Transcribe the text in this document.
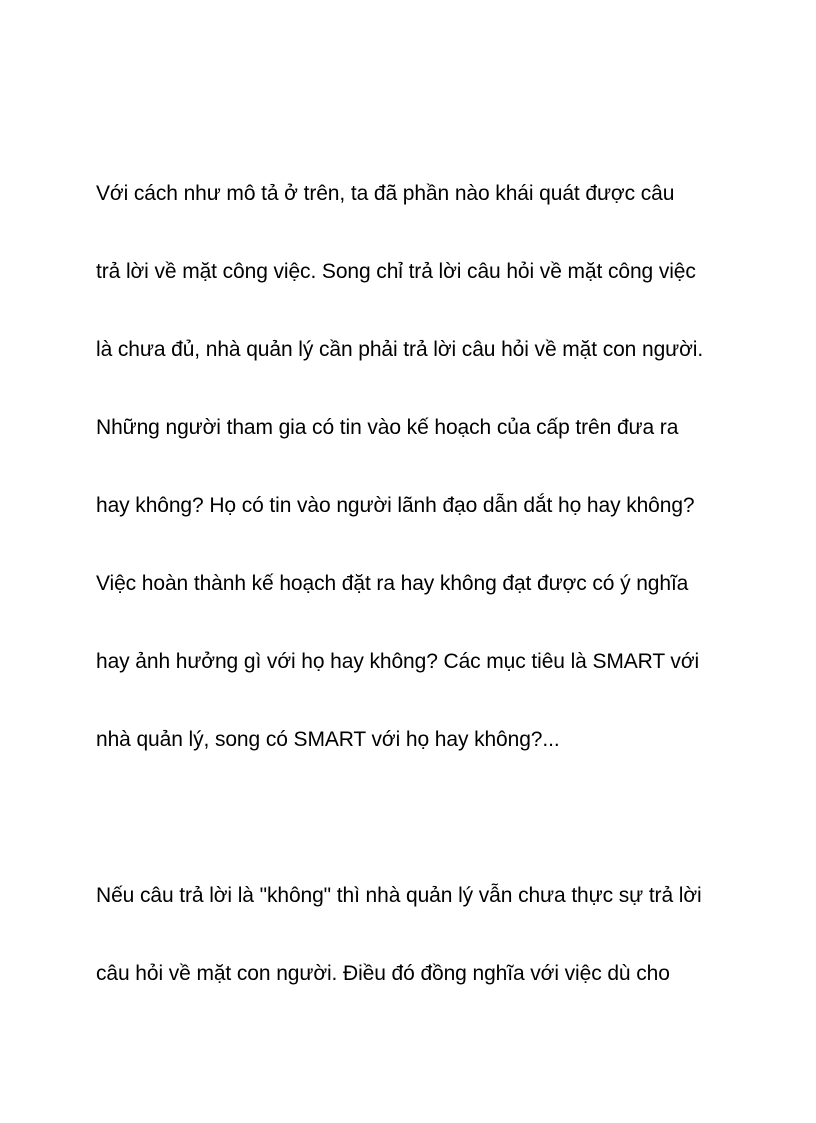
Với cách như mô tả ở trên, ta đã phần nào khái quát được câu

trả lời về mặt công việc. Song chỉ trả lời câu hỏi về mặt công việc

là chưa đủ, nhà quản lý cần phải trả lời câu hỏi về mặt con người.

Những người tham gia có tin vào kế hoạch của cấp trên đưa ra

hay không? Họ có tin vào người lãnh đạo dẫn dắt họ hay không?

Việc hoàn thành kế hoạch đặt ra hay không đạt được có ý nghĩa

hay ảnh hưởng gì với họ hay không? Các mục tiêu là SMART với

nhà quản lý, song có SMART với họ hay không?...

Nếu câu trả lời là "không" thì nhà quản lý vẫn chưa thực sự trả lời

câu hỏi về mặt con người. Điều đó đồng nghĩa với việc dù cho
